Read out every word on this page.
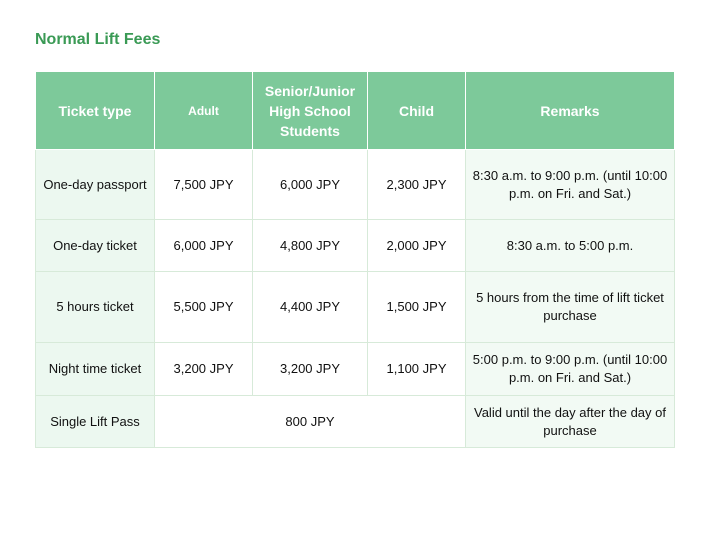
Normal Lift Fees
Ticket type	Adult	Senior/Junior High School Students	Child	Remarks
One-day passport	7,500 JPY	6,000 JPY	2,300 JPY	8:30 a.m. to 9:00 p.m. (until 10:00 p.m. on Fri. and Sat.)
One-day ticket	6,000 JPY	4,800 JPY	2,000 JPY	8:30 a.m. to 5:00 p.m.
5 hours ticket	5,500 JPY	4,400 JPY	1,500 JPY	5 hours from the time of lift ticket purchase
Night time ticket	3,200 JPY	3,200 JPY	1,100 JPY	5:00 p.m. to 9:00 p.m. (until 10:00 p.m. on Fri. and Sat.)
Single Lift Pass	800 JPY			Valid until the day after the day of purchase
